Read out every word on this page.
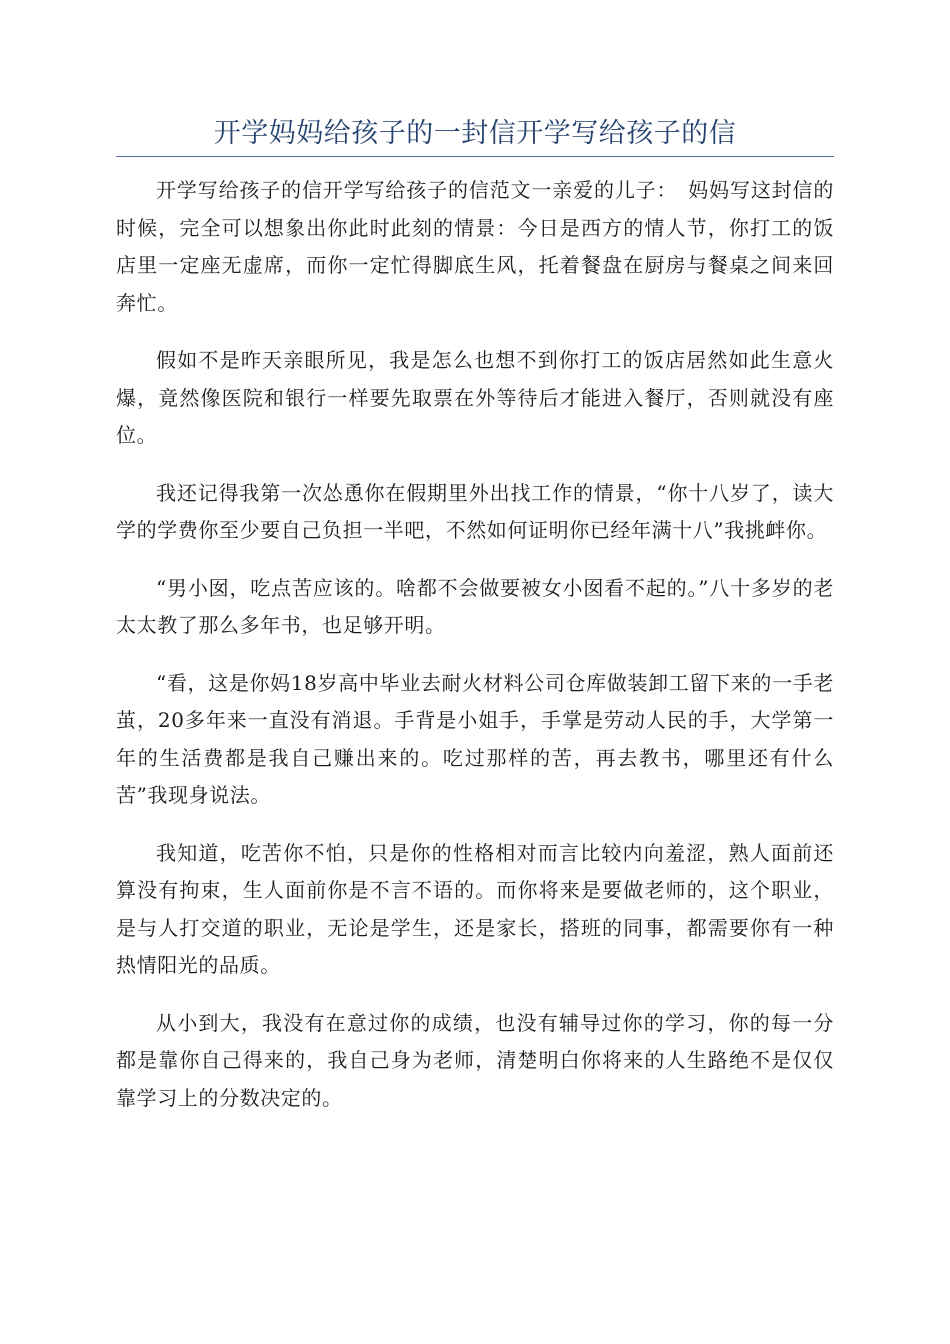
开学妈妈给孩子的一封信开学写给孩子的信

开学写给孩子的信开学写给孩子的信范文一亲爱的儿子：　妈妈写这封信的时候，完全可以想象出你此时此刻的情景：今日是西方的情人节，你打工的饭店里一定座无虚席，而你一定忙得脚底生风，托着餐盘在厨房与餐桌之间来回奔忙。

假如不是昨天亲眼所见，我是怎么也想不到你打工的饭店居然如此生意火爆，竟然像医院和银行一样要先取票在外等待后才能进入餐厅，否则就没有座位。

我还记得我第一次怂恿你在假期里外出找工作的情景，“你十八岁了，读大学的学费你至少要自己负担一半吧，不然如何证明你已经年满十八”我挑衅你。

“男小囡，吃点苦应该的。啥都不会做要被女小囡看不起的。”八十多岁的老太太教了那么多年书，也足够开明。

“看，这是你妈18岁高中毕业去耐火材料公司仓库做装卸工留下来的一手老茧，20多年来一直没有消退。手背是小姐手，手掌是劳动人民的手，大学第一年的生活费都是我自己赚出来的。吃过那样的苦，再去教书，哪里还有什么苦”我现身说法。

我知道，吃苦你不怕，只是你的性格相对而言比较内向羞涩，熟人面前还算没有拘束，生人面前你是不言不语的。而你将来是要做老师的，这个职业，是与人打交道的职业，无论是学生，还是家长，搭班的同事，都需要你有一种热情阳光的品质。

从小到大，我没有在意过你的成绩，也没有辅导过你的学习，你的每一分都是靠你自己得来的，我自己身为老师，清楚明白你将来的人生路绝不是仅仅靠学习上的分数决定的。
